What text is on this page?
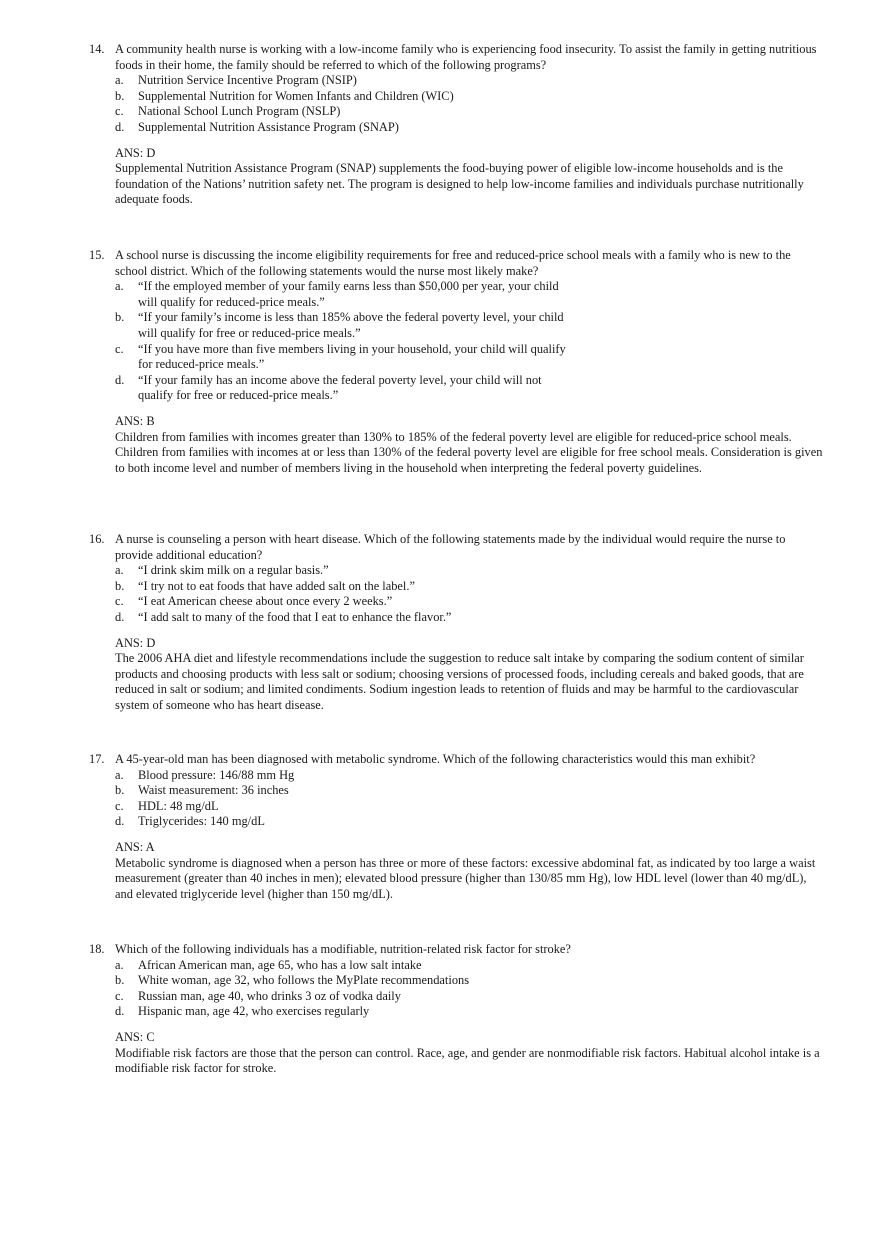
14. A community health nurse is working with a low-income family who is experiencing food insecurity. To assist the family in getting nutritious foods in their home, the family should be referred to which of the following programs?
a. Nutrition Service Incentive Program (NSIP)
b. Supplemental Nutrition for Women Infants and Children (WIC)
c. National School Lunch Program (NSLP)
d. Supplemental Nutrition Assistance Program (SNAP)
ANS: D
Supplemental Nutrition Assistance Program (SNAP) supplements the food-buying power of eligible low-income households and is the foundation of the Nations’ nutrition safety net. The program is designed to help low-income families and individuals purchase nutritionally adequate foods.
15. A school nurse is discussing the income eligibility requirements for free and reduced-price school meals with a family who is new to the school district. Which of the following statements would the nurse most likely make?
a. “If the employed member of your family earns less than $50,000 per year, your child will qualify for reduced-price meals.”
b. “If your family’s income is less than 185% above the federal poverty level, your child will qualify for free or reduced-price meals.”
c. “If you have more than five members living in your household, your child will qualify for reduced-price meals.”
d. “If your family has an income above the federal poverty level, your child will not qualify for free or reduced-price meals.”
ANS: B
Children from families with incomes greater than 130% to 185% of the federal poverty level are eligible for reduced-price school meals. Children from families with incomes at or less than 130% of the federal poverty level are eligible for free school meals. Consideration is given to both income level and number of members living in the household when interpreting the federal poverty guidelines.
16. A nurse is counseling a person with heart disease. Which of the following statements made by the individual would require the nurse to provide additional education?
a. “I drink skim milk on a regular basis.”
b. “I try not to eat foods that have added salt on the label.”
c. “I eat American cheese about once every 2 weeks.”
d. “I add salt to many of the food that I eat to enhance the flavor.”
ANS: D
The 2006 AHA diet and lifestyle recommendations include the suggestion to reduce salt intake by comparing the sodium content of similar products and choosing products with less salt or sodium; choosing versions of processed foods, including cereals and baked goods, that are reduced in salt or sodium; and limited condiments. Sodium ingestion leads to retention of fluids and may be harmful to the cardiovascular system of someone who has heart disease.
17. A 45-year-old man has been diagnosed with metabolic syndrome. Which of the following characteristics would this man exhibit?
a. Blood pressure: 146/88 mm Hg
b. Waist measurement: 36 inches
c. HDL: 48 mg/dL
d. Triglycerides: 140 mg/dL
ANS: A
Metabolic syndrome is diagnosed when a person has three or more of these factors: excessive abdominal fat, as indicated by too large a waist measurement (greater than 40 inches in men); elevated blood pressure (higher than 130/85 mm Hg), low HDL level (lower than 40 mg/dL), and elevated triglyceride level (higher than 150 mg/dL).
18. Which of the following individuals has a modifiable, nutrition-related risk factor for stroke?
a. African American man, age 65, who has a low salt intake
b. White woman, age 32, who follows the MyPlate recommendations
c. Russian man, age 40, who drinks 3 oz of vodka daily
d. Hispanic man, age 42, who exercises regularly
ANS: C
Modifiable risk factors are those that the person can control. Race, age, and gender are nonmodifiable risk factors. Habitual alcohol intake is a modifiable risk factor for stroke.
